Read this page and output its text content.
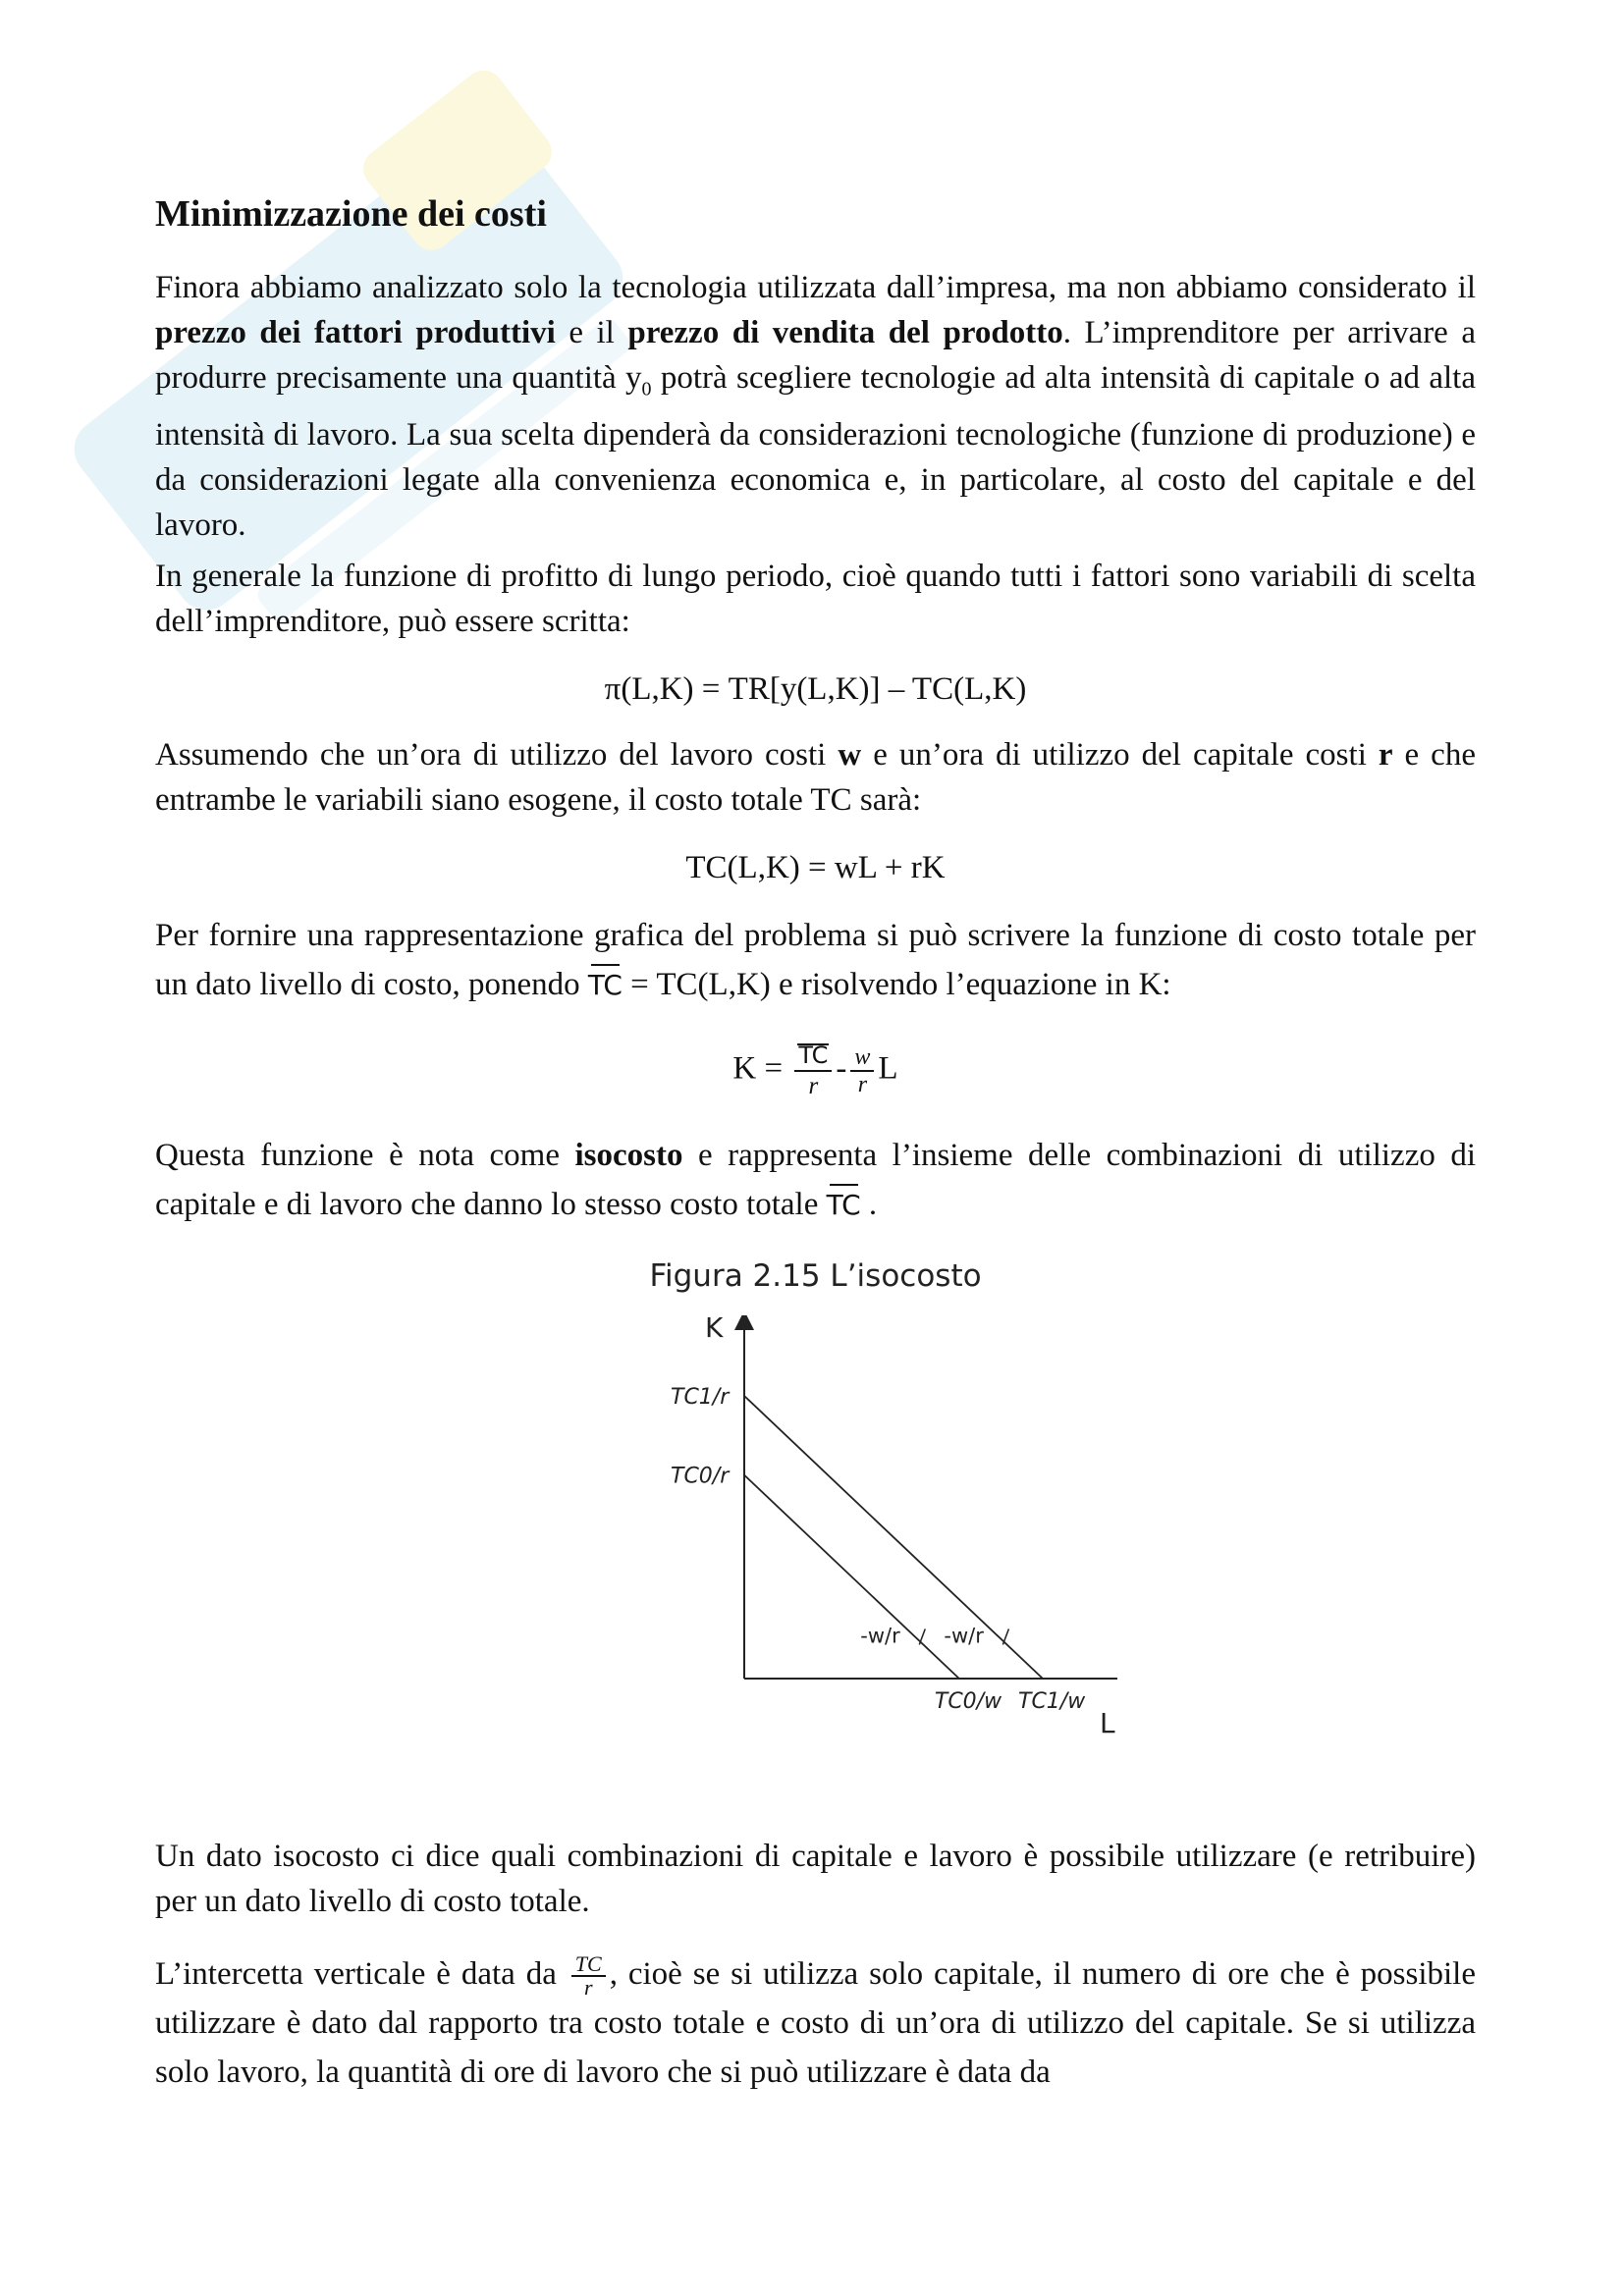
Minimizzazione dei costi

Finora abbiamo analizzato solo la tecnologia utilizzata dall’impresa, ma non abbiamo considerato il prezzo dei fattori produttivi e il prezzo di vendita del prodotto. L’imprenditore per arrivare a produrre precisamente una quantità $y_0$ potrà scegliere tecnologie ad alta intensità di capitale o ad alta intensità di lavoro. La sua scelta dipenderà da considerazioni tecnologiche (funzione di produzione) e da considerazioni legate alla convenienza economica e, in particolare, al costo del capitale e del lavoro.

In generale la funzione di profitto di lungo periodo, cioè quando tutti i fattori sono variabili di scelta dell’imprenditore, può essere scritta:

π(L,K) = TR[y(L,K)] – TC(L,K)

Assumendo che un’ora di utilizzo del lavoro costi w e un’ora di utilizzo del capitale costi r e che entrambe le variabili siano esogene, il costo totale TC sarà:

TC(L,K) = wL + rK

Per fornire una rappresentazione grafica del problema si può scrivere la funzione di costo totale per un dato livello di costo, ponendo TC = TC(L,K) e risolvendo l’equazione in K:

$K = \frac{TC}{r} - \frac{w}{r}$ L

Questa funzione è nota come isocosto e rappresenta l’insieme delle combinazioni di utilizzo di capitale e di lavoro che danno lo stesso costo totale TC .

Figura 2.15 L’isocosto
K
L
TC0/r
TC0/w
-w/r
TC1/r
TC1/w
-w/r

Un dato isocosto ci dice quali combinazioni di capitale e lavoro è possibile utilizzare (e retribuire) per un dato livello di costo totale.

L’intercetta verticale è data da $\frac{TC}{r}$ , cioè se si utilizza solo capitale, il numero di ore che è possibile utilizzare è dato dal rapporto tra costo totale e costo di un’ora di utilizzo del capitale. Se si utilizza solo lavoro, la quantità di ore di lavoro che si può utilizzare è data da
